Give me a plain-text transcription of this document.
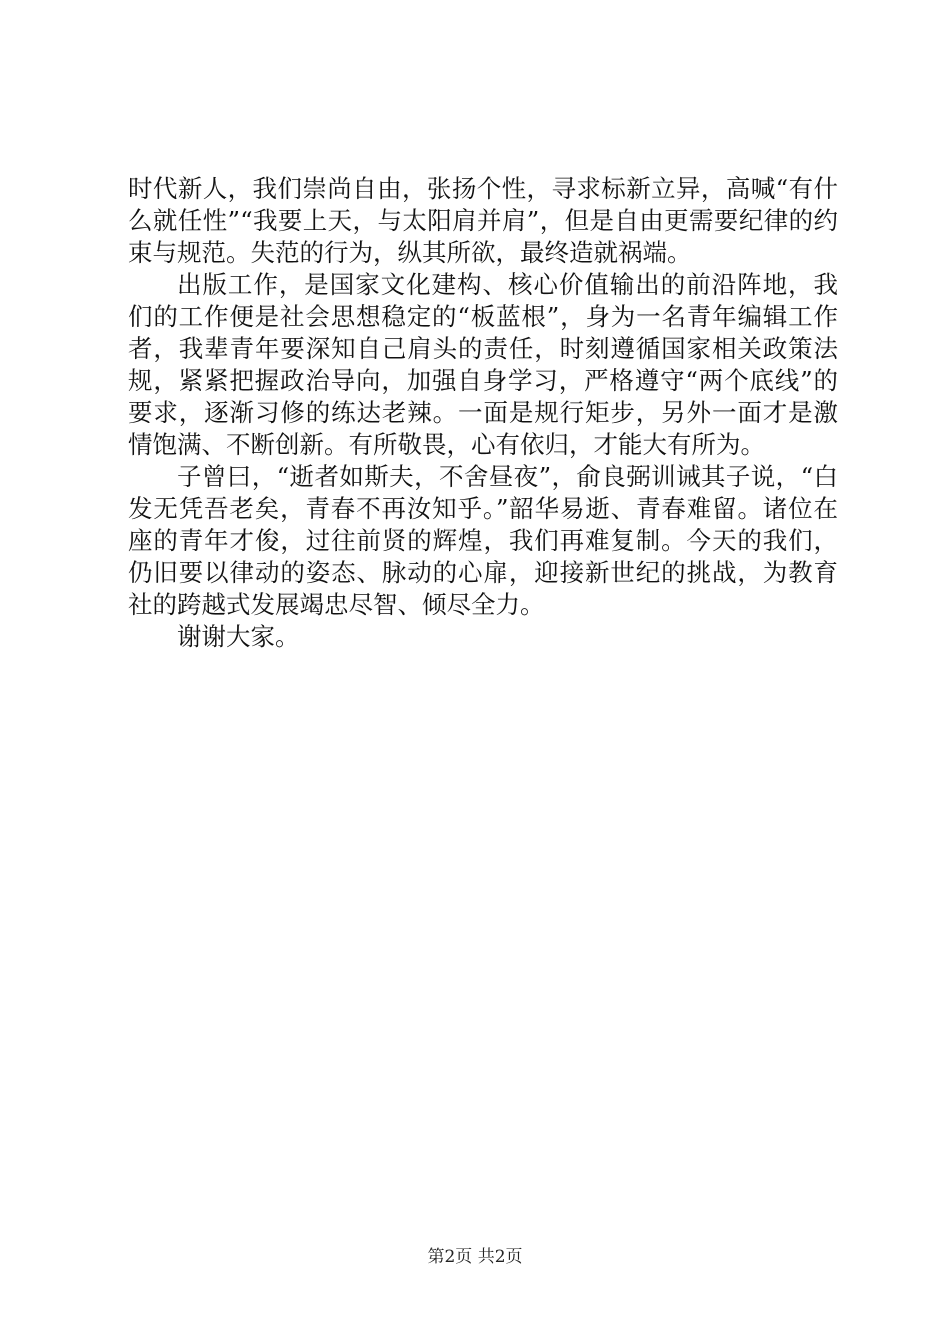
时代新人，我们崇尚自由，张扬个性，寻求标新立异，高喊“有什么就任性”“我要上天，与太阳肩并肩”，但是自由更需要纪律的约束与规范。失范的行为，纵其所欲，最终造就祸端。

出版工作，是国家文化建构、核心价值输出的前沿阵地，我们的工作便是社会思想稳定的“板蓝根”，身为一名青年编辑工作者，我辈青年要深知自己肩头的责任，时刻遵循国家相关政策法规，紧紧把握政治导向，加强自身学习，严格遵守“两个底线”的要求，逐渐习修的练达老辣。一面是规行矩步，另外一面才是激情饱满、不断创新。有所敬畏，心有依归，才能大有所为。

子曾曰，“逝者如斯夫，不舍昼夜”，俞良弼训诫其子说，“白发无凭吾老矣，青春不再汝知乎。”韶华易逝、青春难留。诸位在座的青年才俊，过往前贤的辉煌，我们再难复制。今天的我们，仍旧要以律动的姿态、脉动的心扉，迎接新世纪的挑战，为教育社的跨越式发展竭忠尽智、倾尽全力。

谢谢大家。

第2页 共2页
